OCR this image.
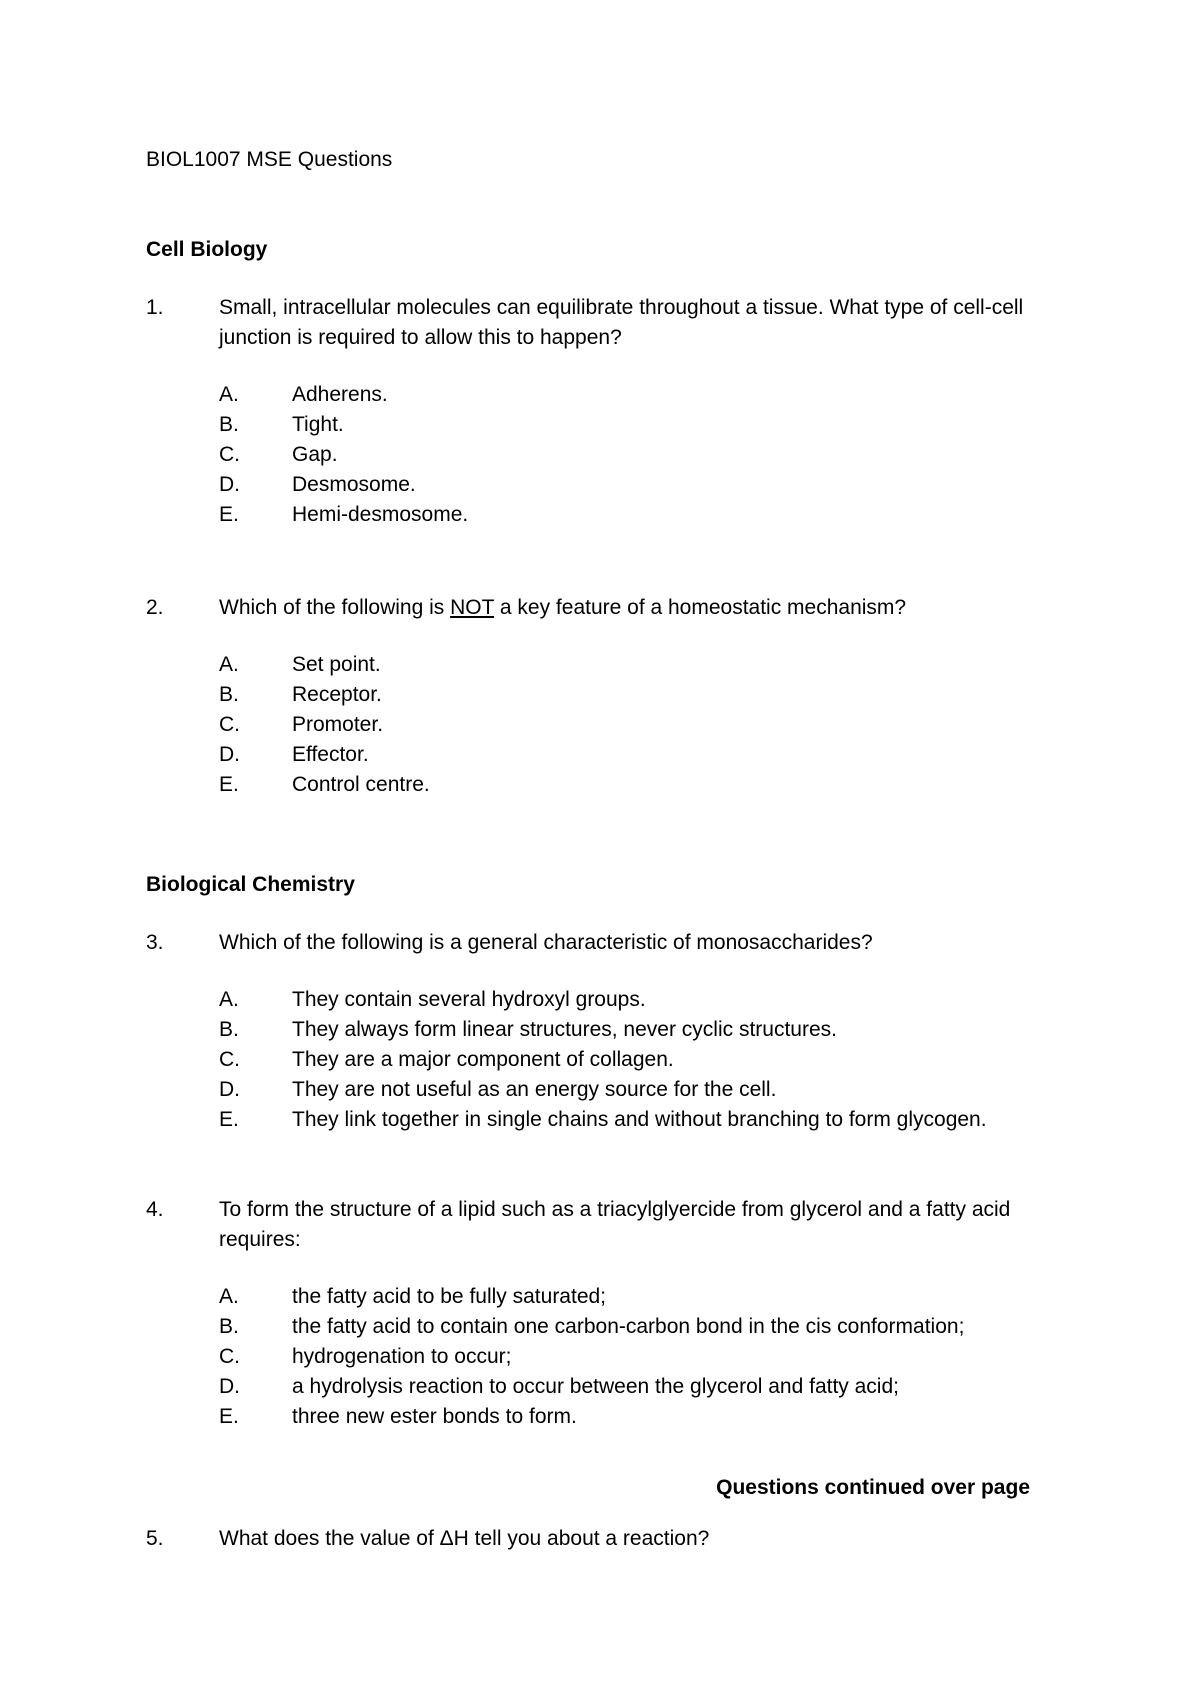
BIOL1007 MSE Questions
Cell Biology
1.	Small, intracellular molecules can equilibrate throughout a tissue. What type of cell-cell junction is required to allow this to happen?
A.	Adherens.
B.	Tight.
C.	Gap.
D.	Desmosome.
E.	Hemi-desmosome.
2.	Which of the following is NOT a key feature of a homeostatic mechanism?
A.	Set point.
B.	Receptor.
C.	Promoter.
D.	Effector.
E.	Control centre.
Biological Chemistry
3.	Which of the following is a general characteristic of monosaccharides?
A.	They contain several hydroxyl groups.
B.	They always form linear structures, never cyclic structures.
C.	They are a major component of collagen.
D.	They are not useful as an energy source for the cell.
E.	They link together in single chains and without branching to form glycogen.
4.	To form the structure of a lipid such as a triacylglyercide from glycerol and a fatty acid requires:
A.	the fatty acid to be fully saturated;
B.	the fatty acid to contain one carbon-carbon bond in the cis conformation;
C.	hydrogenation to occur;
D.	a hydrolysis reaction to occur between the glycerol and fatty acid;
E.	three new ester bonds to form.
Questions continued over page
5.	What does the value of ΔH tell you about a reaction?
